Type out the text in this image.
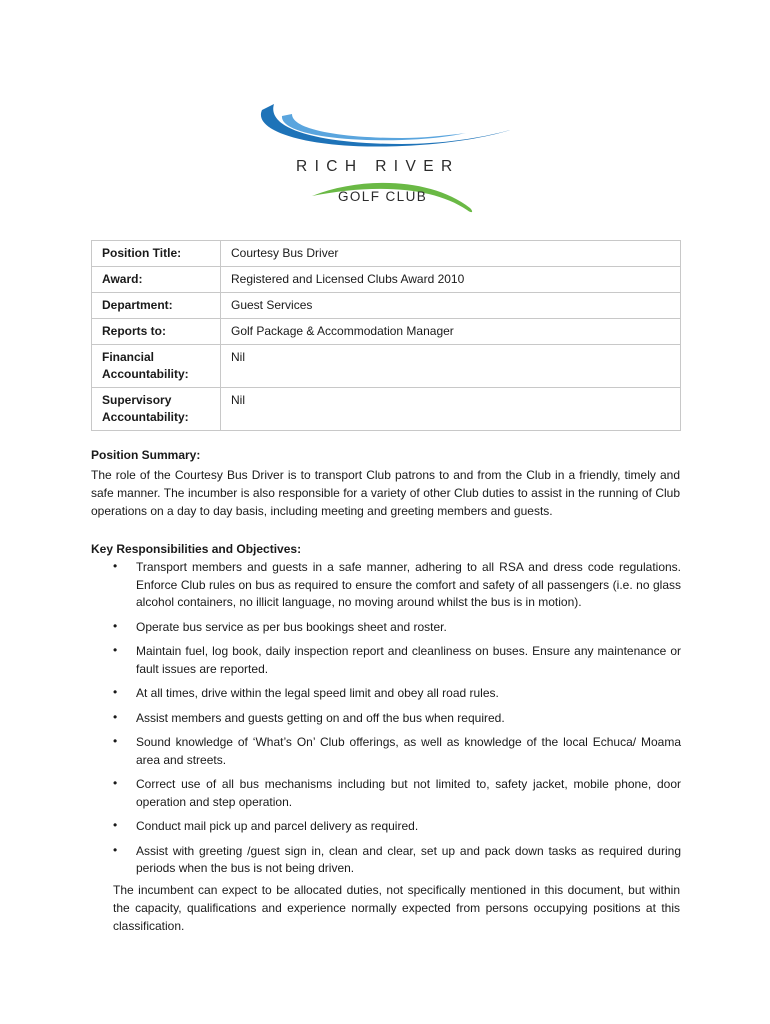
RICH RIVER
GOLF CLUB
Position Title:	Courtesy Bus Driver
Award:	Registered and Licensed Clubs Award 2010
Department:	Guest Services
Reports to:	Golf Package & Accommodation Manager
Financial Accountability:	Nil
Supervisory Accountability:	Nil
Position Summary:

The role of the Courtesy Bus Driver is to transport Club patrons to and from the Club in a friendly, timely and safe manner. The incumber is also responsible for a variety of other Club duties to assist in the running of Club operations on a day to day basis, including meeting and greeting members and guests.

Key Responsibilities and Objectives:
• Transport members and guests in a safe manner, adhering to all RSA and dress code regulations. Enforce Club rules on bus as required to ensure the comfort and safety of all passengers (i.e. no glass alcohol containers, no illicit language, no moving around whilst the bus is in motion).
• Operate bus service as per bus bookings sheet and roster.
• Maintain fuel, log book, daily inspection report and cleanliness on buses. Ensure any maintenance or fault issues are reported.
• At all times, drive within the legal speed limit and obey all road rules.
• Assist members and guests getting on and off the bus when required.
• Sound knowledge of ‘What’s On’ Club offerings, as well as knowledge of the local Echuca/ Moama area and streets.
• Correct use of all bus mechanisms including but not limited to, safety jacket, mobile phone, door operation and step operation.
• Conduct mail pick up and parcel delivery as required.
• Assist with greeting /guest sign in, clean and clear, set up and pack down tasks as required during periods when the bus is not being driven.

The incumbent can expect to be allocated duties, not specifically mentioned in this document, but within the capacity, qualifications and experience normally expected from persons occupying positions at this classification.
